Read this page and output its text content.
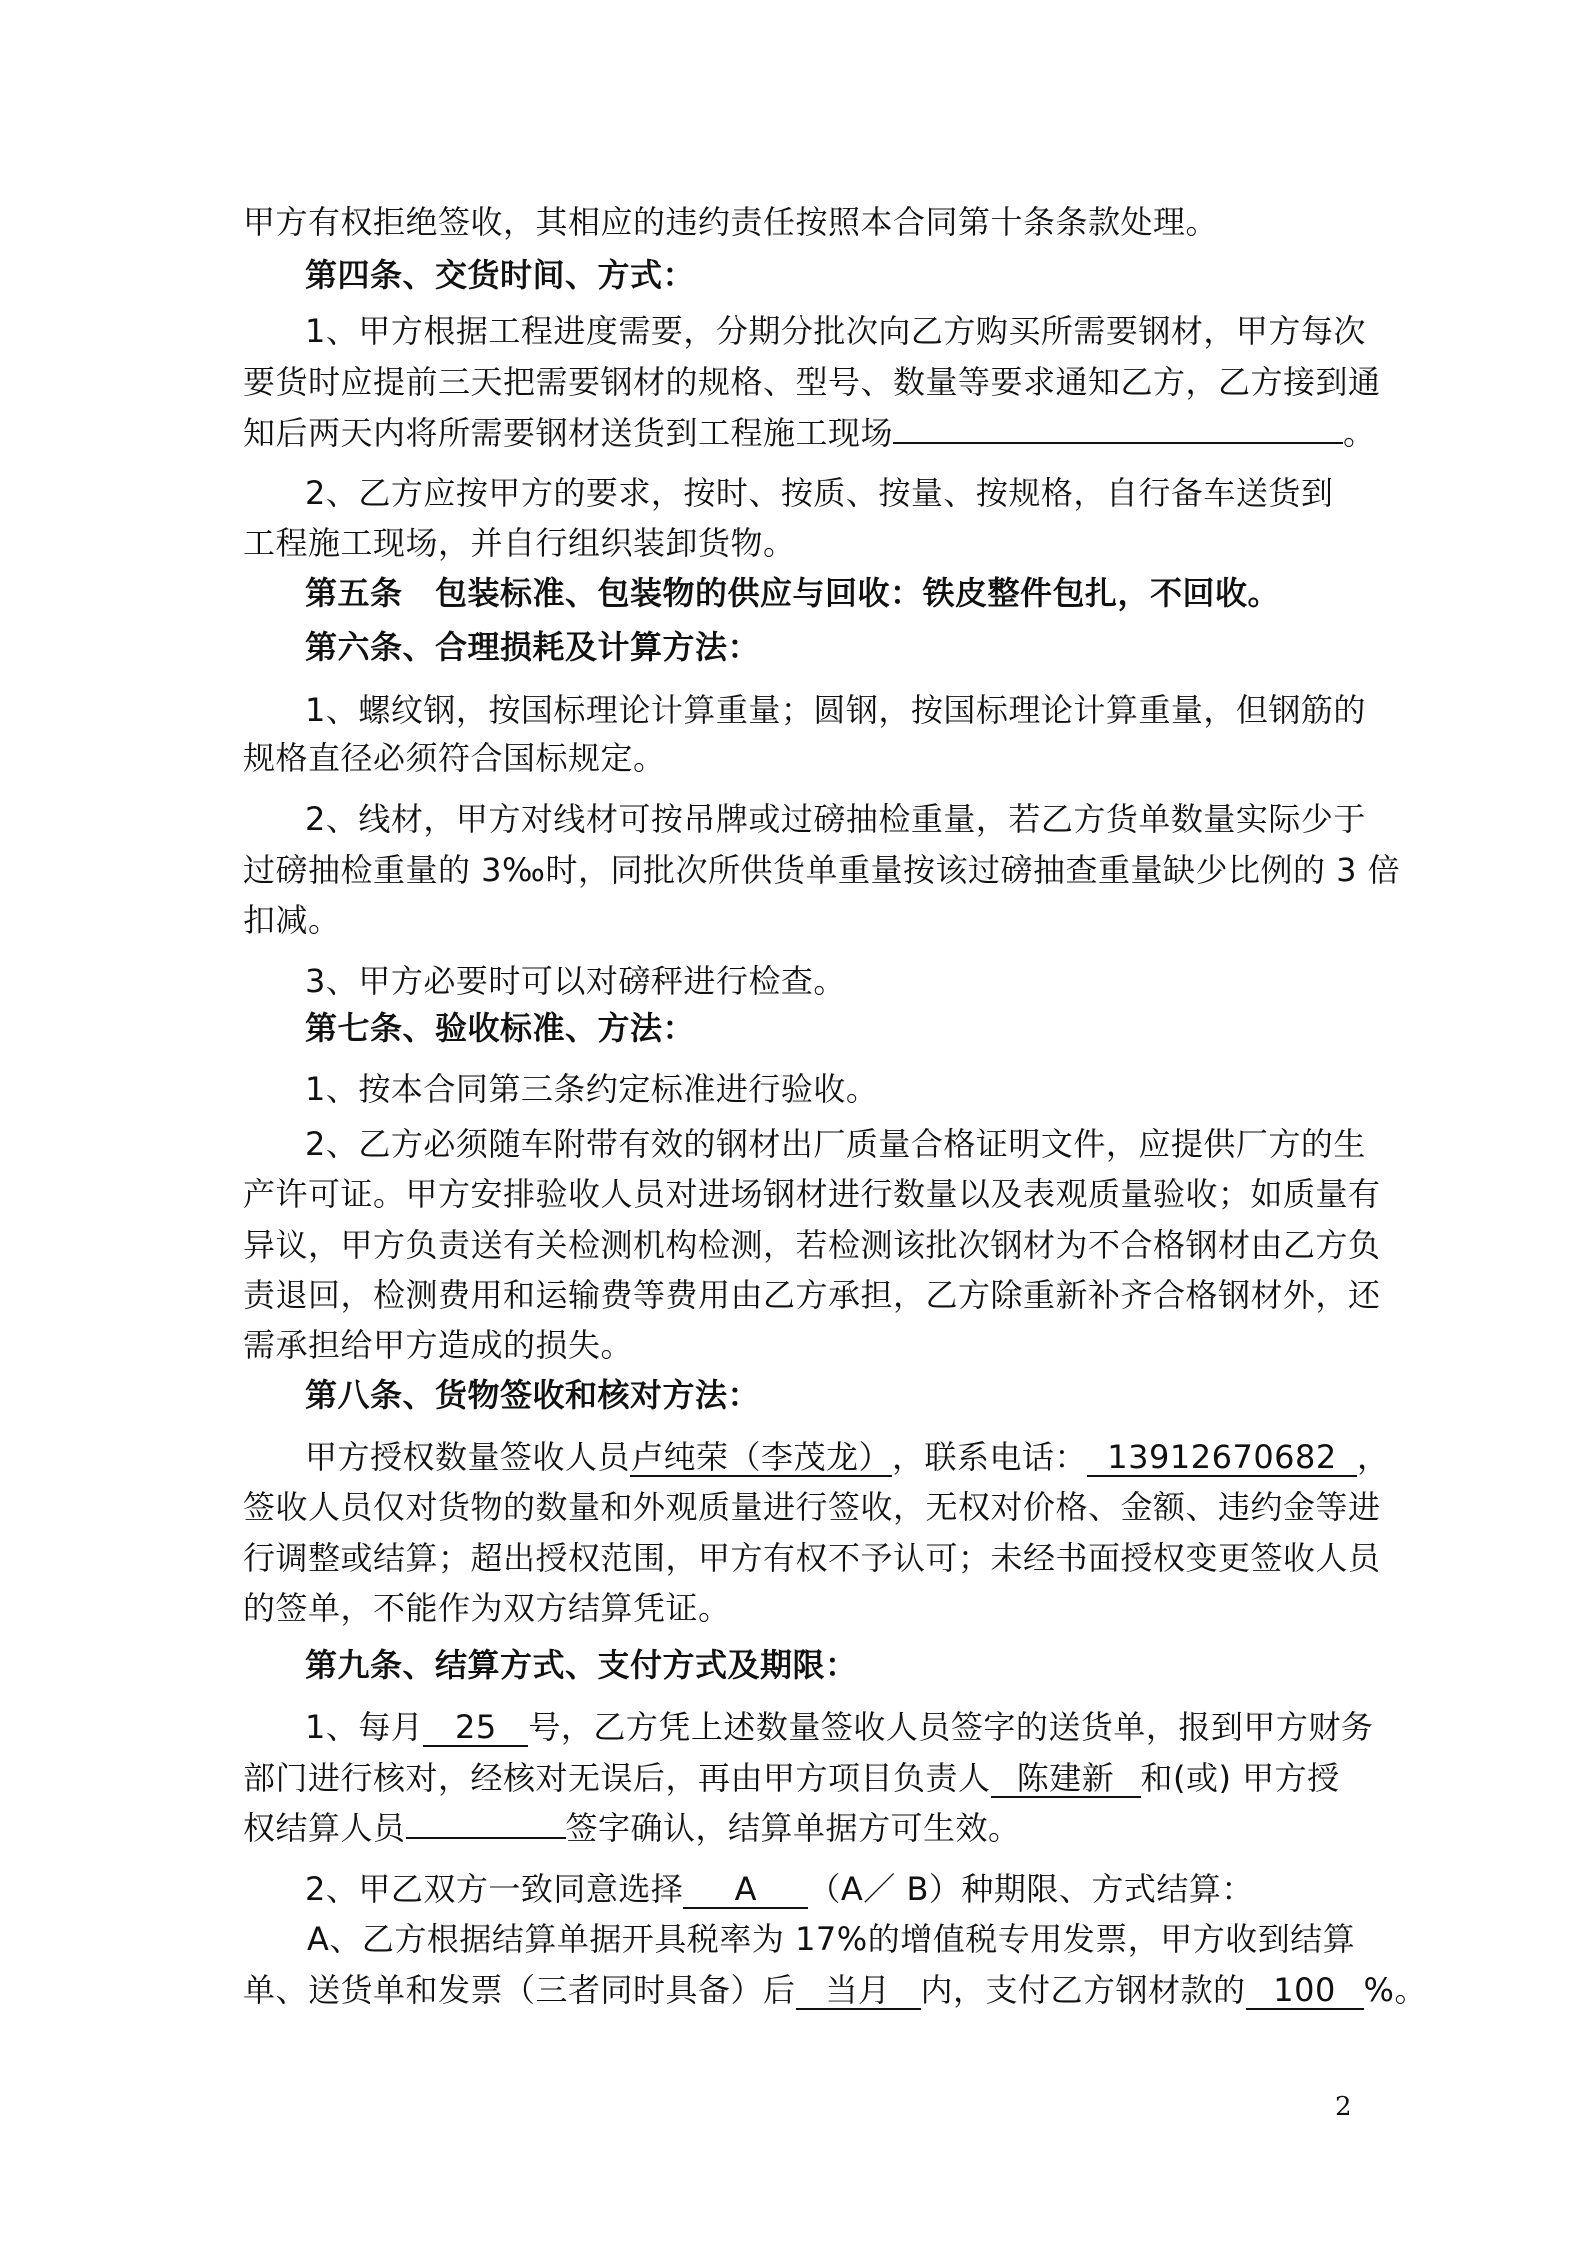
甲方有权拒绝签收，其相应的违约责任按照本合同第十条条款处理。
第四条、交货时间、方式：
1、甲方根据工程进度需要，分期分批次向乙方购买所需要钢材，甲方每次
要货时应提前三天把需要钢材的规格、型号、数量等要求通知乙方，乙方接到通
知后两天内将所需要钢材送货到工程施工现场	。
2、乙方应按甲方的要求，按时、按质、按量、按规格，自行备车送货到
工程施工现场，并自行组织装卸货物。
第五条　包装标准、包装物的供应与回收：铁皮整件包扎，不回收。
第六条、合理损耗及计算方法：
1、螺纹钢，按国标理论计算重量；圆钢，按国标理论计算重量，但钢筋的
规格直径必须符合国标规定。
2、线材，甲方对线材可按吊牌或过磅抽检重量，若乙方货单数量实际少于
过磅抽检重量的 3‰时，同批次所供货单重量按该过磅抽查重量缺少比例的 3 倍
扣减。
3、甲方必要时可以对磅秤进行检查。
第七条、验收标准、方法：
1、按本合同第三条约定标准进行验收。
2、乙方必须随车附带有效的钢材出厂质量合格证明文件，应提供厂方的生
产许可证。甲方安排验收人员对进场钢材进行数量以及表观质量验收；如质量有
异议，甲方负责送有关检测机构检测，若检测该批次钢材为不合格钢材由乙方负
责退回，检测费用和运输费等费用由乙方承担，乙方除重新补齐合格钢材外，还
需承担给甲方造成的损失。
第八条、货物签收和核对方法：
甲方授权数量签收人员卢纯荣（李茂龙），联系电话： 13912670682 ，
签收人员仅对货物的数量和外观质量进行签收，无权对价格、金额、违约金等进
行调整或结算；超出授权范围，甲方有权不予认可；未经书面授权变更签收人员
的签单，不能作为双方结算凭证。
第九条、结算方式、支付方式及期限：
1、每月 25 号，乙方凭上述数量签收人员签字的送货单，报到甲方财务
部门进行核对，经核对无误后，再由甲方项目负责人 陈建新 和(或) 甲方授
权结算人员	签字确认，结算单据方可生效。
2、甲乙双方一致同意选择 A （A／ B）种期限、方式结算：
A、乙方根据结算单据开具税率为 17%的增值税专用发票，甲方收到结算
单、送货单和发票（三者同时具备）后 当月 内，支付乙方钢材款的 100 %。
2
